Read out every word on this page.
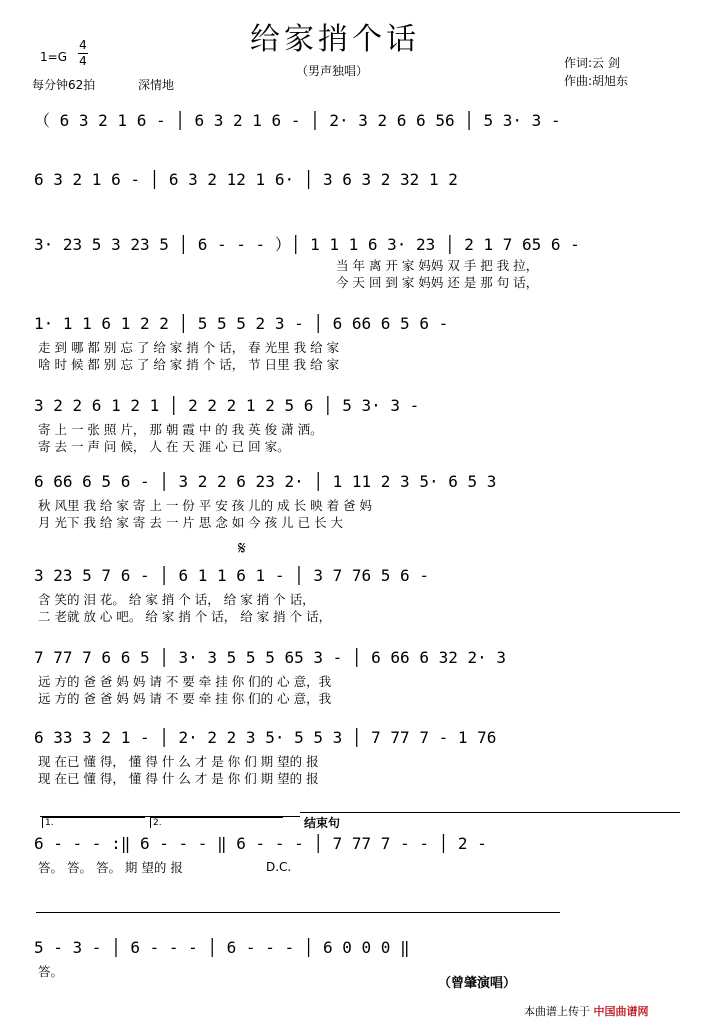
给家捎个话
1=G
4
4
（男声独唱）
每分钟62拍	深情地
作词:云 剑
作曲:胡旭东
（ 6 3 2 1 6 - │ 6 3 2 1 6 - │ 2· 3 2 6 6 56 │ 5 3· 3 -
6 3 2 1 6 - │ 6 3 2 12 1 6· │ 3 6 3 2 32 1 2
3· 23 5 3 23 5 │ 6 - - - ）│ 1 1 1 6 3· 23 │ 2 1 7 65 6 -
当 年 离 开 家 妈妈 双 手 把 我 拉，
今 天 回 到 家 妈妈 还 是 那 句 话，
1· 1 1 6 1 2 2 │ 5 5 5 2 3 - │ 6 66 6 5 6 -
走 到 哪 都 别 忘 了 给 家 捎 个 话， 春 光里 我 给 家
啥 时 候 都 别 忘 了 给 家 捎 个 话， 节 日里 我 给 家
3 2 2 6 1 2 1 │ 2 2 2 1 2 5 6 │ 5 3· 3 -
寄 上 一 张 照 片， 那 朝 霞 中 的 我 英 俊 潇 洒。
寄 去 一 声 问 候， 人 在 天 涯 心 已 回 家。
6 66 6 5 6 - │ 3 2 2 6 23 2· │ 1 11 2 3 5· 6 5 3
秋 风里 我 给 家 寄 上 一 份 平 安 孩 儿的 成 长 映 着 爸 妈
月 光下 我 给 家 寄 去 一 片 思 念 如 今 孩 儿 已 长 大
3 23 5 7 6 - │ 6 1 1 6 1 - │ 3 7 76 5 6 -
含 笑的 泪 花。 给 家 捎 个 话， 给 家 捎 个 话，
二 老就 放 心 吧。 给 家 捎 个 话， 给 家 捎 个 话，
7 77 7 6 6 5 │ 3· 3 5 5 5 65 3 - │ 6 66 6 32 2· 3
远 方的 爸 爸 妈 妈 请 不 要 牵 挂 你 们的 心 意，我
远 方的 爸 爸 妈 妈 请 不 要 牵 挂 你 们的 心 意，我
6 33 3 2 1 - │ 2· 2 2 3 5· 5 5 3 │ 7 77 7 - 1 76
现 在已 懂 得， 懂 得 什 么 才 是 你 们 期 望的 报
现 在已 懂 得， 懂 得 什 么 才 是 你 们 期 望的 报
6 - - - :‖ 6 - - - ‖ 6 - - - │ 7 77 7 - - │ 2 -
答。 答。 答。 期 望的 报
5 - 3 - │ 6 - - - │ 6 - - - │ 6 0 0 0 ‖
答。
𝄋
1.	2.	结束句
D.C.
（曾肇演唱）
本曲谱上传于 中国曲谱网
